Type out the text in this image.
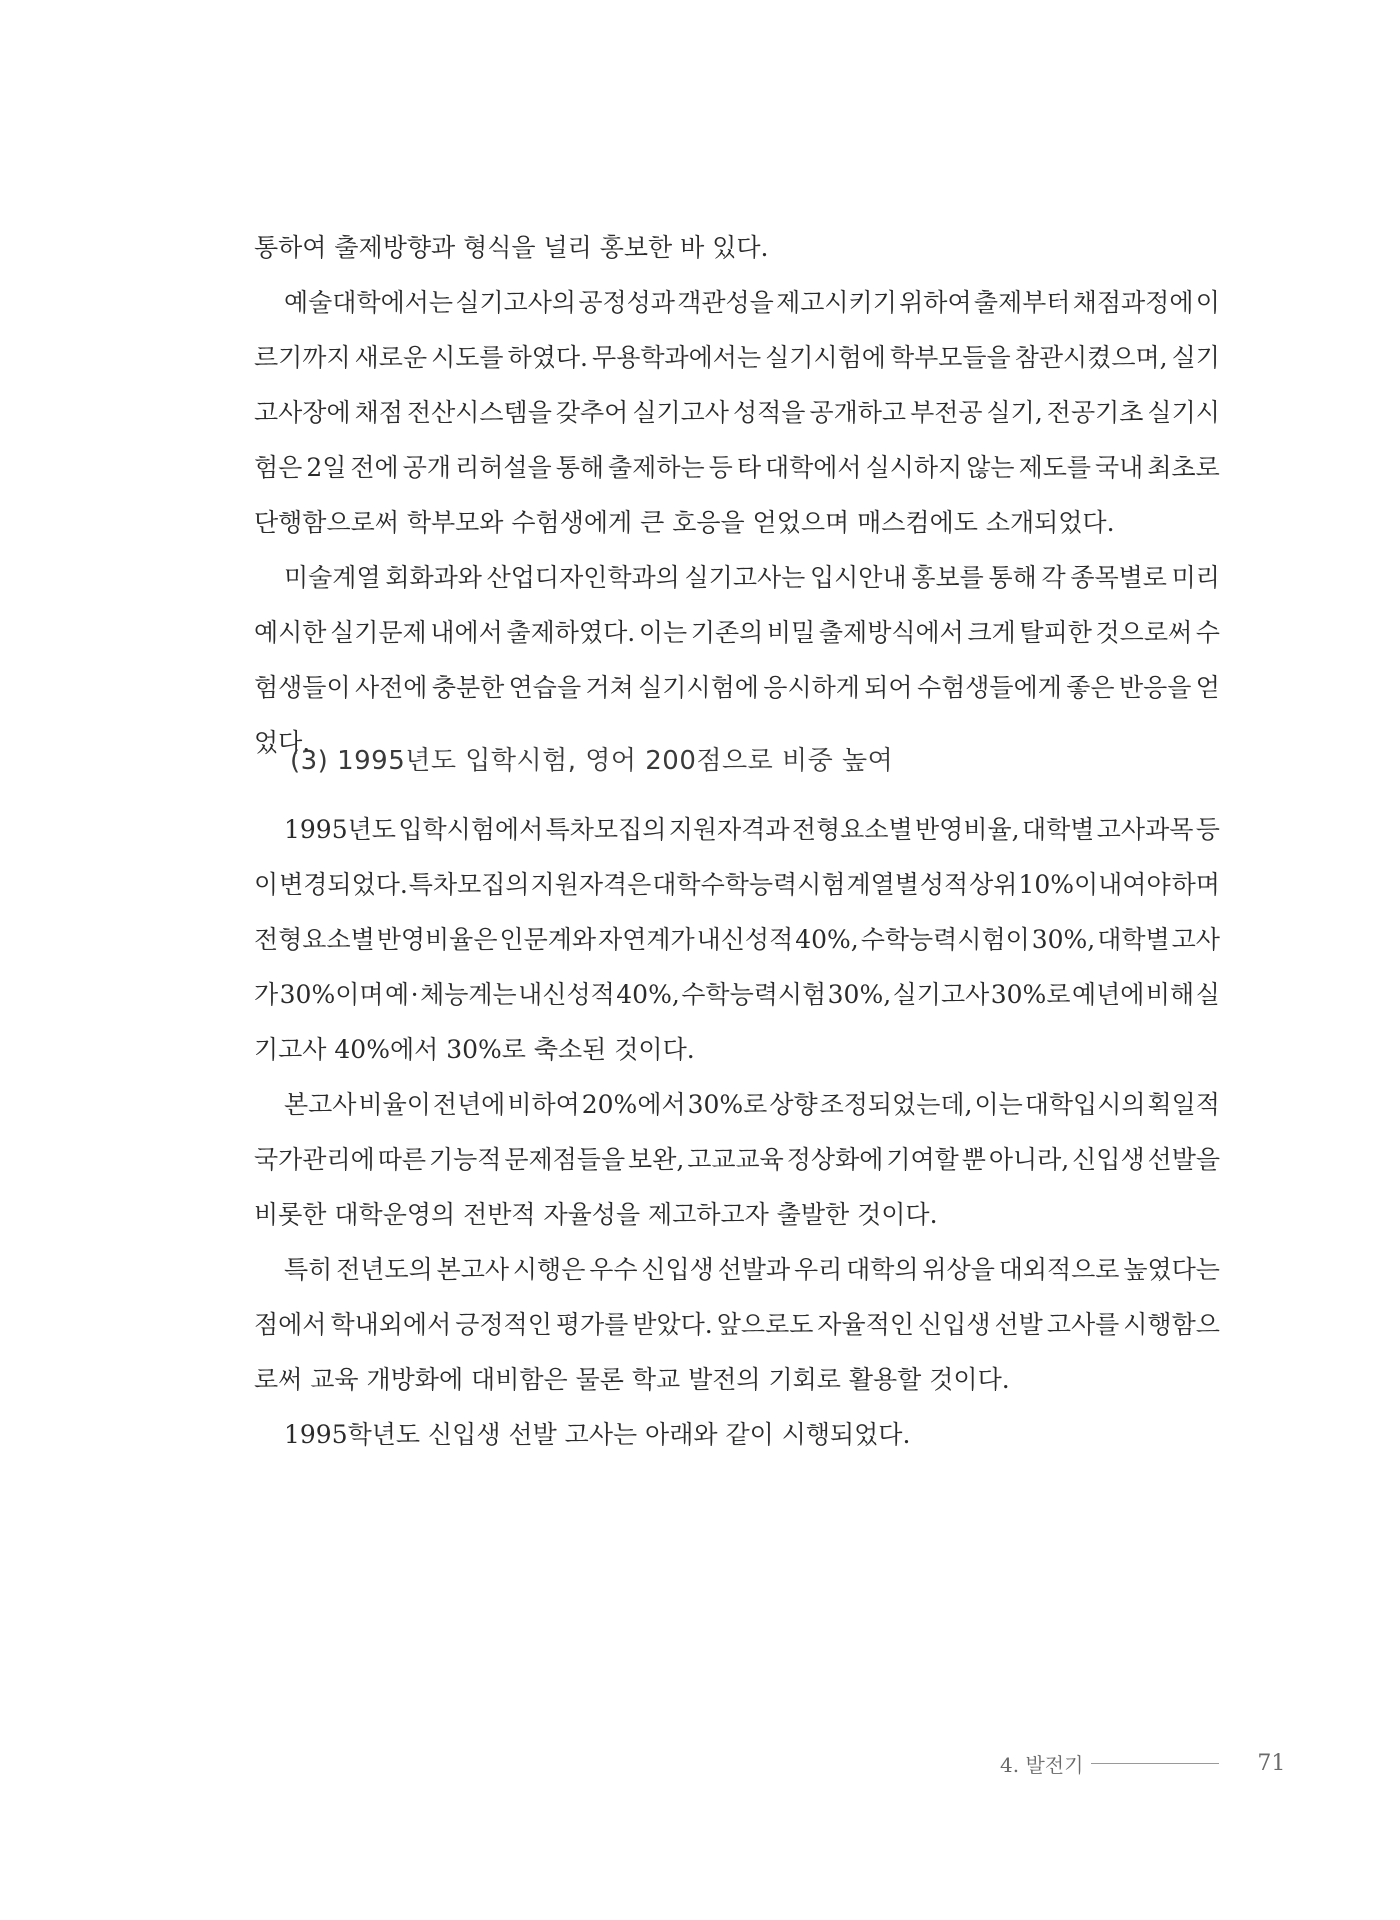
통하여 출제방향과 형식을 널리 홍보한 바 있다.
예술대학에서는 실기고사의 공정성과 객관성을 제고시키기 위하여 출제부터 채점과정에 이
르기까지 새로운 시도를 하였다. 무용학과에서는 실기시험에 학부모들을 참관시켰으며, 실기
고사장에 채점 전산시스템을 갖추어 실기고사 성적을 공개하고 부전공 실기, 전공기초 실기시
험은 2일 전에 공개 리허설을 통해 출제하는 등 타 대학에서 실시하지 않는 제도를 국내 최초로
단행함으로써 학부모와 수험생에게 큰 호응을 얻었으며 매스컴에도 소개되었다.
미술계열 회화과와 산업디자인학과의 실기고사는 입시안내 홍보를 통해 각 종목별로 미리
예시한 실기문제 내에서 출제하였다. 이는 기존의 비밀 출제방식에서 크게 탈피한 것으로써 수
험생들이 사전에 충분한 연습을 거쳐 실기시험에 응시하게 되어 수험생들에게 좋은 반응을 얻
었다.
(3) 1995년도 입학시험, 영어 200점으로 비중 높여
1995년도 입학시험에서 특차모집의 지원자격과 전형요소별 반영비율, 대학별 고사과목 등
이 변경되었다. 특차모집의 지원자격은 대학수학능력시험 계열별 성적 상위 10%이내여야 하며
전형요소별 반영비율은 인문계와 자연계가 내신성적 40%, 수학능력시험이 30%, 대학별 고사
가 30%이며 예 · 체능계는 내신성적 40%, 수학능력시험 30%, 실기고사 30%로 예년에 비해 실
기고사 40%에서 30%로 축소된 것이다.
본고사 비율이 전년에 비하여 20%에서 30%로 상향 조정되었는데, 이는 대학입시의 획일적
국가관리에 따른 기능적 문제점들을 보완, 고교교육 정상화에 기여할 뿐 아니라, 신입생 선발을
비롯한 대학운영의 전반적 자율성을 제고하고자 출발한 것이다.
특히 전년도의 본고사 시행은 우수 신입생 선발과 우리 대학의 위상을 대외적으로 높였다는
점에서 학내외에서 긍정적인 평가를 받았다. 앞으로도 자율적인 신입생 선발 고사를 시행함으
로써 교육 개방화에 대비함은 물론 학교 발전의 기회로 활용할 것이다.
1995학년도 신입생 선발 고사는 아래와 같이 시행되었다.
4. 발전기	71
